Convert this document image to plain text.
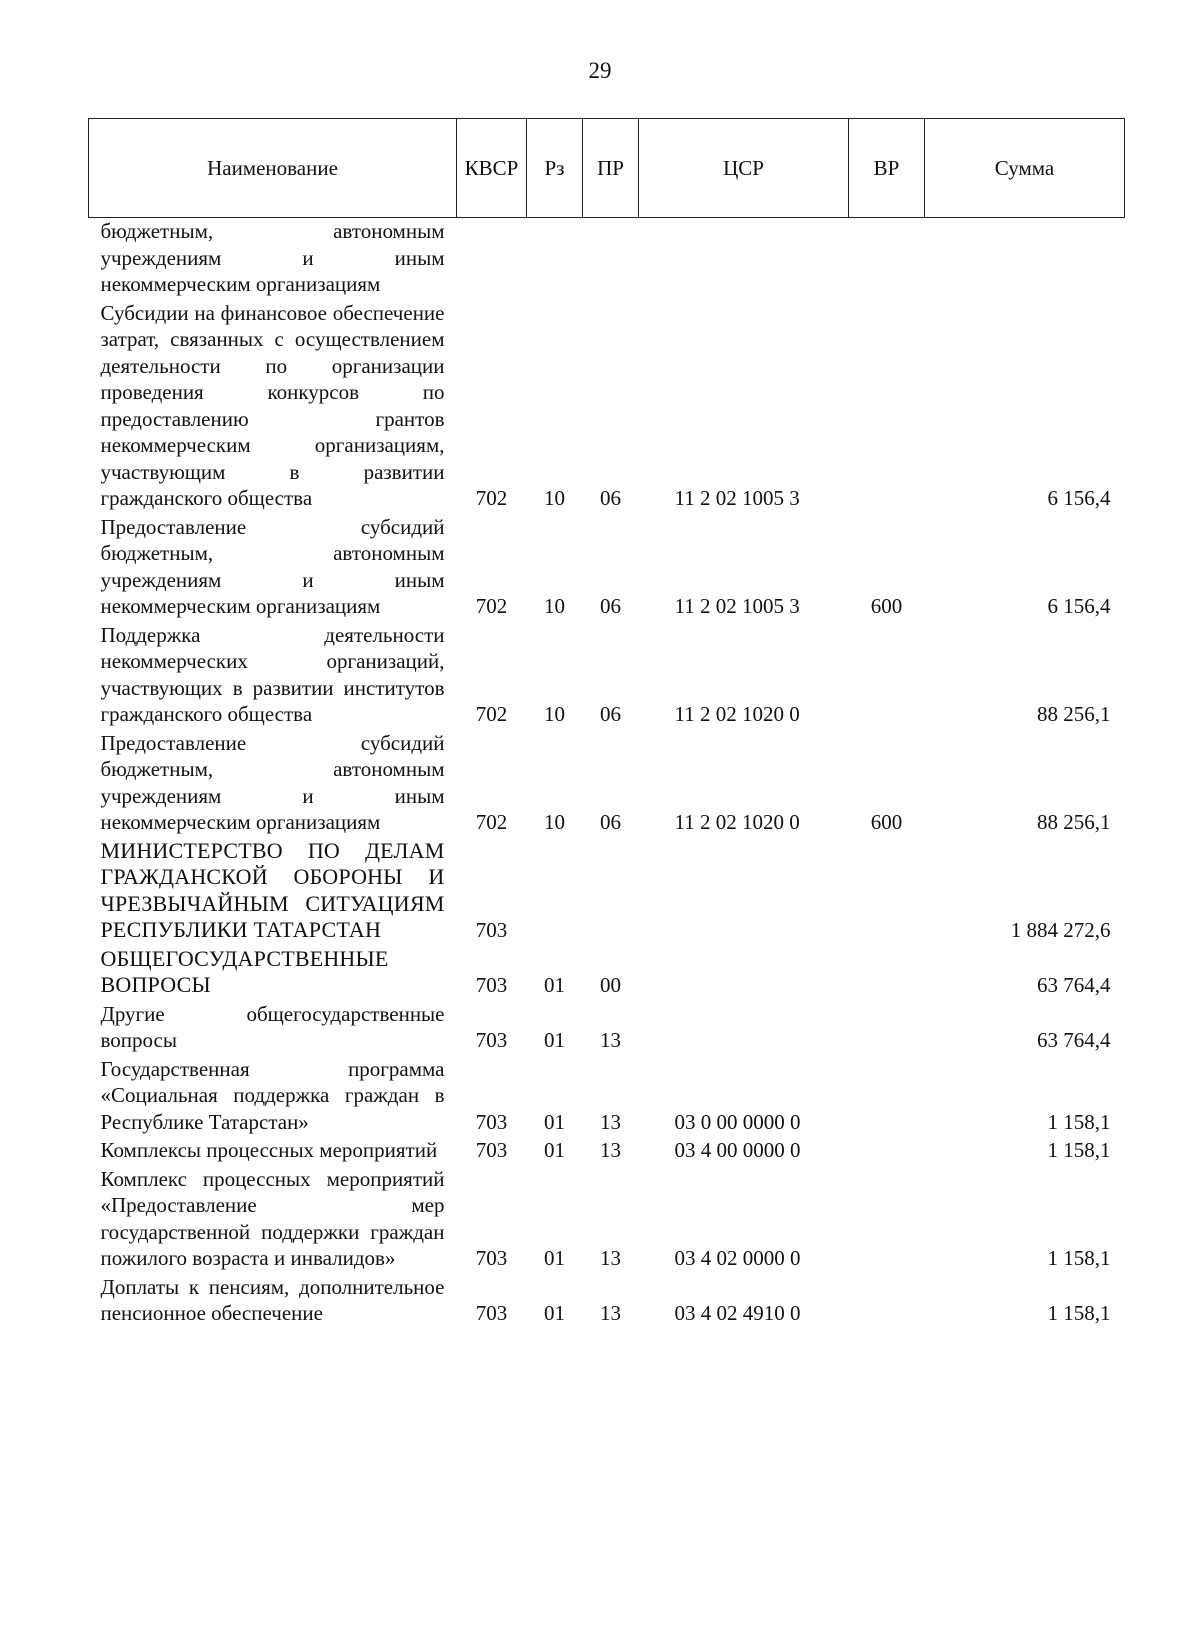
29
Наименование	КВСР	Рз	ПР	ЦСР	ВР	Сумма
бюджетным, автономным учреждениям и иным некоммерческим организациям						
Субсидии на финансовое обеспечение затрат, связанных с осуществлением деятельности по организации проведения конкурсов по предоставлению грантов некоммерческим организациям, участвующим в развитии гражданского общества	702	10	06	11 2 02 1005 3		6 156,4
Предоставление субсидий бюджетным, автономным учреждениям и иным некоммерческим организациям	702	10	06	11 2 02 1005 3	600	6 156,4
Поддержка деятельности некоммерческих организаций, участвующих в развитии институтов гражданского общества	702	10	06	11 2 02 1020 0		88 256,1
Предоставление субсидий бюджетным, автономным учреждениям и иным некоммерческим организациям	702	10	06	11 2 02 1020 0	600	88 256,1
МИНИСТЕРСТВО ПО ДЕЛАМ ГРАЖДАНСКОЙ ОБОРОНЫ И ЧРЕЗВЫЧАЙНЫМ СИТУАЦИЯМ РЕСПУБЛИКИ ТАТАРСТАН	703					1 884 272,6
ОБЩЕГОСУДАРСТВЕННЫЕ ВОПРОСЫ	703	01	00			63 764,4
Другие общегосударственные вопросы	703	01	13			63 764,4
Государственная программа «Социальная поддержка граждан в Республике Татарстан»	703	01	13	03 0 00 0000 0		1 158,1
Комплексы процессных мероприятий	703	01	13	03 4 00 0000 0		1 158,1
Комплекс процессных мероприятий «Предоставление мер государственной поддержки граждан пожилого возраста и инвалидов»	703	01	13	03 4 02 0000 0		1 158,1
Доплаты к пенсиям, дополнительное пенсионное обеспечение	703	01	13	03 4 02 4910 0		1 158,1
